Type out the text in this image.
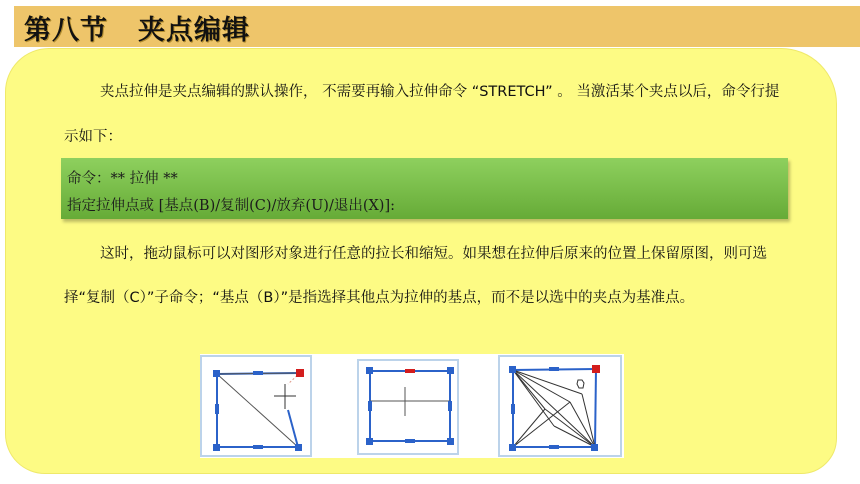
第八节 夹点编辑

夹点拉伸是夹点编辑的默认操作， 不需要再输入拉伸命令 “STRETCH” 。 当激活某个夹点以后，命令行提示如下：

命令：** 拉伸 **
指定拉伸点或 [基点(B)/复制(C)/放弃(U)/退出(X)]:

这时，拖动鼠标可以对图形对象进行任意的拉长和缩短。如果想在拉伸后原来的位置上保留原图，则可选择“复制（C）”子命令；“基点（B）”是指选择其他点为拉伸的基点，而不是以选中的夹点为基准点。
